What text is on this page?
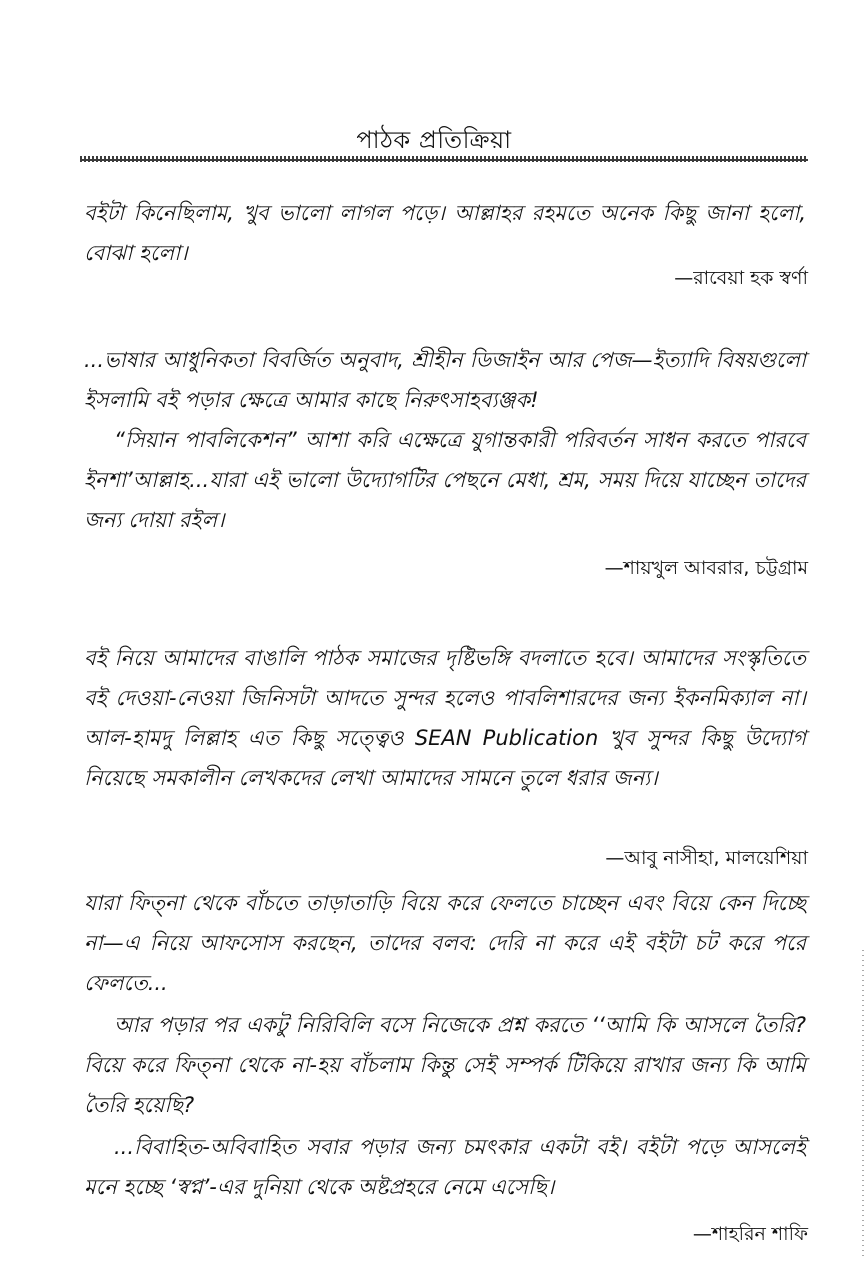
পাঠক প্রতিক্রিয়া

বইটা কিনেছিলাম, খুব ভালো লাগল পড়ে। আল্লাহর রহমতে অনেক কিছু জানা হলো, বোঝা হলো।

—রাবেয়া হক স্বর্ণা

...ভাষার আধুনিকতা বিবর্জিত অনুবাদ, শ্রীহীন ডিজাইন আর পেজ—ইত্যাদি বিষয়গুলো ইসলামি বই পড়ার ক্ষেত্রে আমার কাছে নিরুৎসাহব্যঞ্জক!

“সিয়ান পাবলিকেশন” আশা করি এক্ষেত্রে যুগান্তকারী পরিবর্তন সাধন করতে পারবে ইনশা’আল্লাহ...যারা এই ভালো উদ্যোগটির পেছনে মেধা, শ্রম, সময় দিয়ে যাচ্ছেন তাদের জন্য দোয়া রইল।

—শায়খুল আবরার, চট্টগ্রাম

বই নিয়ে আমাদের বাঙালি পাঠক সমাজের দৃষ্টিভঙ্গি বদলাতে হবে। আমাদের সংস্কৃতিতে বই দেওয়া-নেওয়া জিনিসটা আদতে সুন্দর হলেও পাবলিশারদের জন্য ইকনমিক্যাল না। আল-হামদু লিল্লাহ এত কিছু সত্ত্বেও SEAN Publication খুব সুন্দর কিছু উদ্যোগ নিয়েছে সমকালীন লেখকদের লেখা আমাদের সামনে তুলে ধরার জন্য।

—আবু নাসীহা, মালয়েশিয়া

যারা ফিত্‌না থেকে বাঁচতে তাড়াতাড়ি বিয়ে করে ফেলতে চাচ্ছেন এবং বিয়ে কেন দিচ্ছে না—এ নিয়ে আফসোস করছেন, তাদের বলব: দেরি না করে এই বইটা চট করে পরে ফেলতে...

আর পড়ার পর একটু নিরিবিলি বসে নিজেকে প্রশ্ন করতে ‘‘আমি কি আসলে তৈরি? বিয়ে করে ফিত্‌না থেকে না-হয় বাঁচলাম কিন্তু সেই সম্পর্ক টিকিয়ে রাখার জন্য কি আমি তৈরি হয়েছি?

...বিবাহিত-অবিবাহিত সবার পড়ার জন্য চমৎকার একটা বই। বইটা পড়ে আসলেই মনে হচ্ছে ‘স্বপ্ন’-এর দুনিয়া থেকে অষ্টপ্রহরে নেমে এসেছি।

—শাহরিন শাফি
